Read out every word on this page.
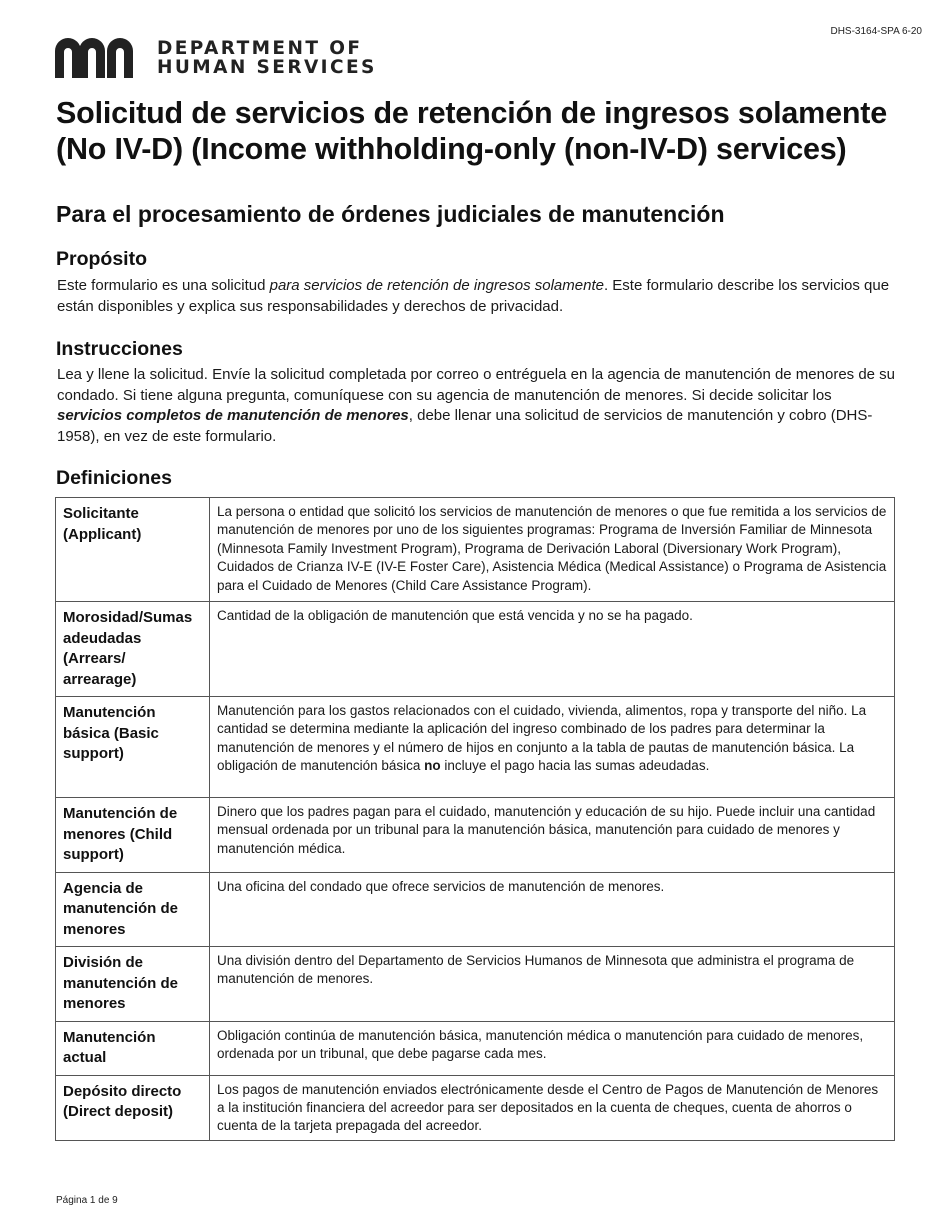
DHS-3164-SPA 6-20
DEPARTMENT OF
HUMAN SERVICES
Solicitud de servicios de retención de ingresos solamente (No IV-D) (Income withholding-only (non-IV-D) services)
Para el procesamiento de órdenes judiciales de manutención
Propósito

Este formulario es una solicitud para servicios de retención de ingresos solamente. Este formulario describe los servicios que están disponibles y explica sus responsabilidades y derechos de privacidad.

Instrucciones

Lea y llene la solicitud. Envíe la solicitud completada por correo o entréguela en la agencia de manutención de menores de su condado. Si tiene alguna pregunta, comuníquese con su agencia de manutención de menores. Si decide solicitar los servicios completos de manutención de menores, debe llenar una solicitud de servicios de manutención y cobro (DHS-1958), en vez de este formulario.

Definiciones
Solicitante (Applicant)	La persona o entidad que solicitó los servicios de manutención de menores o que fue remitida a los servicios de manutención de menores por uno de los siguientes programas: Programa de Inversión Familiar de Minnesota (Minnesota Family Investment Program), Programa de Derivación Laboral (Diversionary Work Program), Cuidados de Crianza IV-E (IV-E Foster Care), Asistencia Médica (Medical Assistance) o Programa de Asistencia para el Cuidado de Menores (Child Care Assistance Program).
Morosidad/Sumas adeudadas (Arrears/ arrearage)	Cantidad de la obligación de manutención que está vencida y no se ha pagado.
Manutención básica (Basic support)	Manutención para los gastos relacionados con el cuidado, vivienda, alimentos, ropa y transporte del niño. La cantidad se determina mediante la aplicación del ingreso combinado de los padres para determinar la manutención de menores y el número de hijos en conjunto a la tabla de pautas de manutención básica. La obligación de manutención básica no incluye el pago hacia las sumas adeudadas.
Manutención de menores (Child support)	Dinero que los padres pagan para el cuidado, manutención y educación de su hijo. Puede incluir una cantidad mensual ordenada por un tribunal para la manutención básica, manutención para cuidado de menores y manutención médica.
Agencia de manutención de menores	Una oficina del condado que ofrece servicios de manutención de menores.
División de manutención de menores	Una división dentro del Departamento de Servicios Humanos de Minnesota que administra el programa de manutención de menores.
Manutención actual	Obligación continúa de manutención básica, manutención médica o manutención para cuidado de menores, ordenada por un tribunal, que debe pagarse cada mes.
Depósito directo (Direct deposit)	Los pagos de manutención enviados electrónicamente desde el Centro de Pagos de Manutención de Menores a la institución financiera del acreedor para ser depositados en la cuenta de cheques, cuenta de ahorros o cuenta de la tarjeta prepagada del acreedor.
Página 1 de 9
